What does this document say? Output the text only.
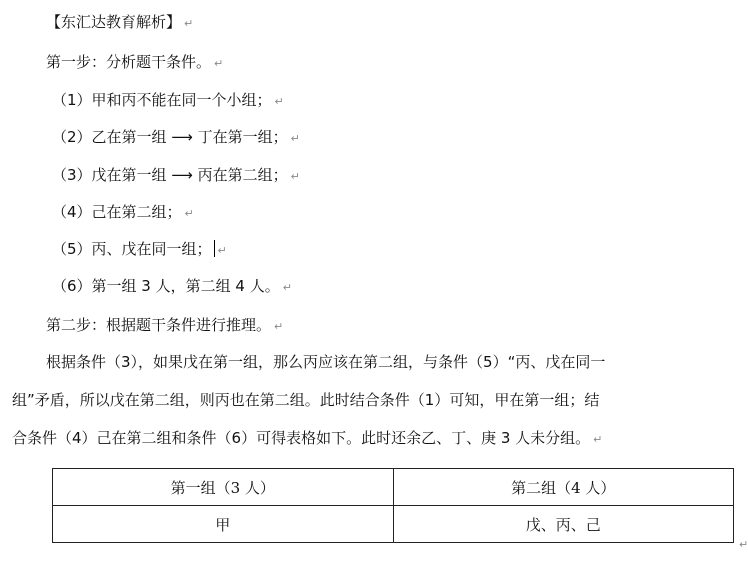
【东汇达教育解析】 ↵
第一步：分析题干条件。 ↵
（1）甲和丙不能在同一个小组； ↵
（2）乙在第一组 ⟶ 丁在第一组； ↵
（3）戊在第一组 ⟶ 丙在第二组； ↵
（4）己在第二组； ↵
（5）丙、戊在同一组； ↵
（6）第一组 3 人，第二组 4 人。 ↵
第二步：根据题干条件进行推理。 ↵
根据条件（3），如果戊在第一组，那么丙应该在第二组，与条件（5）“丙、戊在同一
组”矛盾，所以戊在第二组，则丙也在第二组。此时结合条件（1）可知，甲在第一组；结
合条件（4）己在第二组和条件（6）可得表格如下。此时还余乙、丁、庚 3 人未分组。 ↵
第一组（3 人）	第二组（4 人）
甲	戊、丙、己
↵
